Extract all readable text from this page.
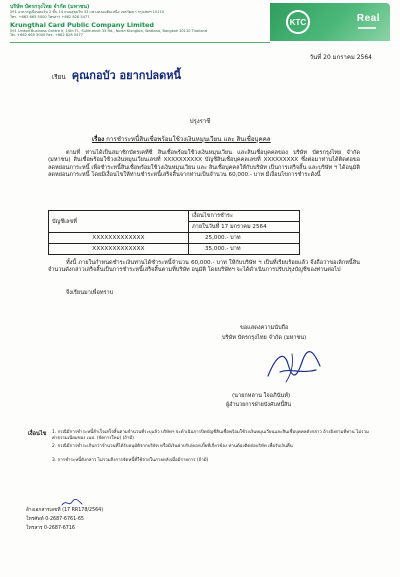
บริษัท บัตรกรุงไทย จำกัด (มหาชน)
591 อาคารยูเนียนคอร์น 2 ชั้น 14 ถนนสุขุมวิท 33 แขวงคลองตันเหนือ เขตวัฒนา กรุงเทพฯ 10110
โทร. +662 665 5000 โทรสาร +662 828 5477
Krungthai Card Public Company Limited
591 United Business Centre II, 14th Fl., Sukhumvit 33 Rd., North Klongton, Wattana, Bangkok 10110 Thailand
Tel. +662 665 5000 Fax. +662 828 5477
KTC	Real
วันที่ 20 มกราคม 2564
เรียน คุณกอบัว อยากปลดหนี้
ปรุงราชี
เรื่อง การชำระหนี้สินเชื่อพร้อมใช้วงเงินหมุนเวียน และ สินเชื่อบุคคล
ตามที่ ท่านได้เป็นสมาชิกบัตรเคทีซี สินเชื่อพร้อมใช้วงเงินหมุนเวียน และสินเชื่อบุคคลของ บริษัท บัตรกรุงไทย จำกัด (มหาชน) สินเชื่อพร้อมใช้วงเงินหมุนเวียนเลขที่ XXXXXXXXXX บัญชีสินเชื่อบุคคลเลขที่ XXXXXXXXX ซึ่งต่อมาท่านได้ติดต่อขอลดหย่อนภาระหนี้ เพื่อชำระหนี้สินเชื่อพร้อมใช้วงเงินหมุนเวียน และ สินเชื่อบุคคลให้กับบริษัท เป็นการเสร็จสิ้น และบริษัท ฯ ได้อนุมัติลดหย่อนภาระหนี้ โดยมีเงื่อนไขให้ท่านชำระหนี้เสร็จสิ้นจากท่านเป็นจำนวน 60,000.- บาท มีเงื่อนไขการชำระดังนี้
บัญชีเลขที่	เงื่อนไขการชำระ
	ภายในวันที่ 17 มกราคม 2564
XXXXXXXXXXXXX	25,000.- บาท
XXXXXXXXXXXXX	35,000.- บาท
ทั้งนี้ ภายในกำหนดชำระเงินท่านได้ชำระหนี้จำนวน 60,000.- บาท ให้กับบริษัท ฯ เป็นที่เรียบร้อยแล้ว จึงถือว่าขอเลิกหนี้สินจำนวนดังกล่าวเสร็จสิ้นเป็นการชำระหนี้เสร็จสิ้นตามที่บริษัท อนุมัติ โดยบริษัทฯ จะได้ดำเนินการปรับปรุงบัญชีของท่านต่อไป
จึงเรียนมาเพื่อทราบ
ขอแสดงความนับถือ
บริษัท บัตรกรุงไทย จำกัด (มหาชน)
(นายกหลาน ใจอภินันท์)
ผู้อำนวยการฝ่ายบังคับหนี้สิน
เงื่อนไข 1. กรณีมีการชำระหนี้สำเร็จเสร็จสิ้นตามจำนวนที่ระบุแล้ว บริษัทฯ จะดำเนินการปิดบัญชีสินเชื่อพร้อมใช้วงเงินหมุนเวียนและสินเชื่อบุคคลดังกล่าว อ้างอิงตามที่ท่าน ไม่รวมค่าธรรมเนียมของ เนป. (จัดการใหม่) (ถ้ามี)
2. กรณีมีการชำระเกินกว่าจำนวนที่ได้รับอนุมัติจากบริษัท หรือมีเงินค่าปรับ/ดอกเบี้ยที่เกี่ยวข้อง ท่านต้องติดต่อบริษัท เพื่อรับเงินคืน
3. การชำระหนี้ดังกล่าว ไม่รวมถึงการจัดหนี้ที่ใช้จ่ายในภายหลังเมื่อมีรายการ (ถ้ามี)
อ้างเอกสารเลขที่ (17 RR178/2564)
โทรศัพท์ 0-2687-6761-65
โทรสาร 0-2687-6716
